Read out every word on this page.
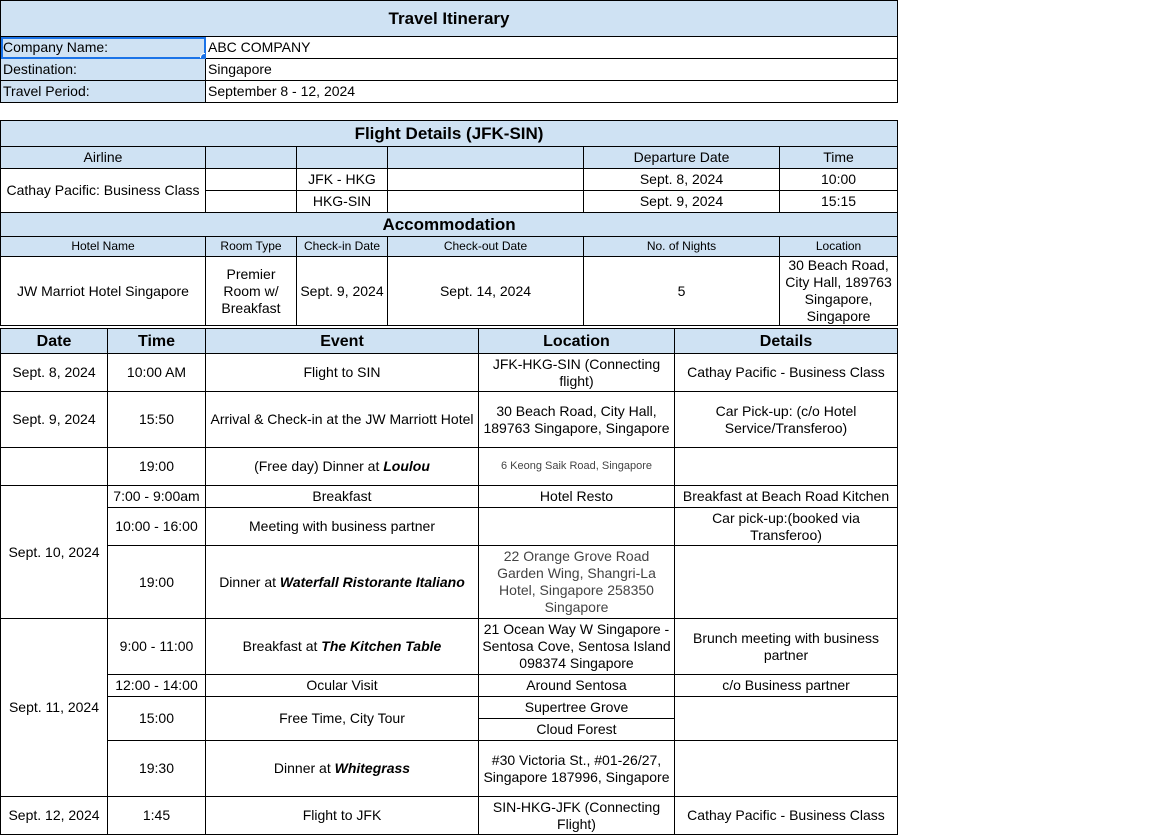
Travel Itinerary					
Company Name:	ABC COMPANY				
Destination:	Singapore				
Travel Period:	September 8 - 12, 2024				

Flight Details (JFK-SIN)					
Airline				Departure Date	Time
Cathay Pacific: Business Class		JFK - HKG		Sept. 8, 2024	10:00
		HKG-SIN		Sept. 9, 2024	15:15
Accommodation					
Hotel Name	Room Type	Check-in Date	Check-out Date	No. of Nights	Location
JW Marriot Hotel Singapore	Premier Room w/ Breakfast	Sept. 9, 2024	Sept. 14, 2024	5	30 Beach Road, City Hall, 189763 Singapore, Singapore
Date	Time	Event	Location	Details
Sept. 8, 2024	10:00 AM	Flight to SIN	JFK-HKG-SIN (Connecting flight)	Cathay Pacific - Business Class
Sept. 9, 2024	15:50	Arrival & Check-in at the JW Marriott Hotel	30 Beach Road, City Hall, 189763 Singapore, Singapore	Car Pick-up: (c/o Hotel Service/Transferoo)
	19:00	(Free day) Dinner at Loulou	6 Keong Saik Road, Singapore	
Sept. 10, 2024	7:00 - 9:00am	Breakfast	Hotel Resto	Breakfast at Beach Road Kitchen
	10:00 - 16:00	Meeting with business partner		Car pick-up:(booked via Transferoo)
	19:00	Dinner at Waterfall Ristorante Italiano	22 Orange Grove Road Garden Wing, Shangri-La Hotel, Singapore 258350 Singapore	
Sept. 11, 2024	9:00 - 11:00	Breakfast at The Kitchen Table	21 Ocean Way W Singapore - Sentosa Cove, Sentosa Island 098374 Singapore	Brunch meeting with business partner
	12:00 - 14:00	Ocular Visit	Around Sentosa	c/o Business partner
	15:00	Free Time, City Tour	Supertree Grove	
			Cloud Forest	
	19:30	Dinner at Whitegrass	#30 Victoria St., #01-26/27, Singapore 187996, Singapore	
Sept. 12, 2024	1:45	Flight to JFK	SIN-HKG-JFK (Connecting Flight)	Cathay Pacific - Business Class
